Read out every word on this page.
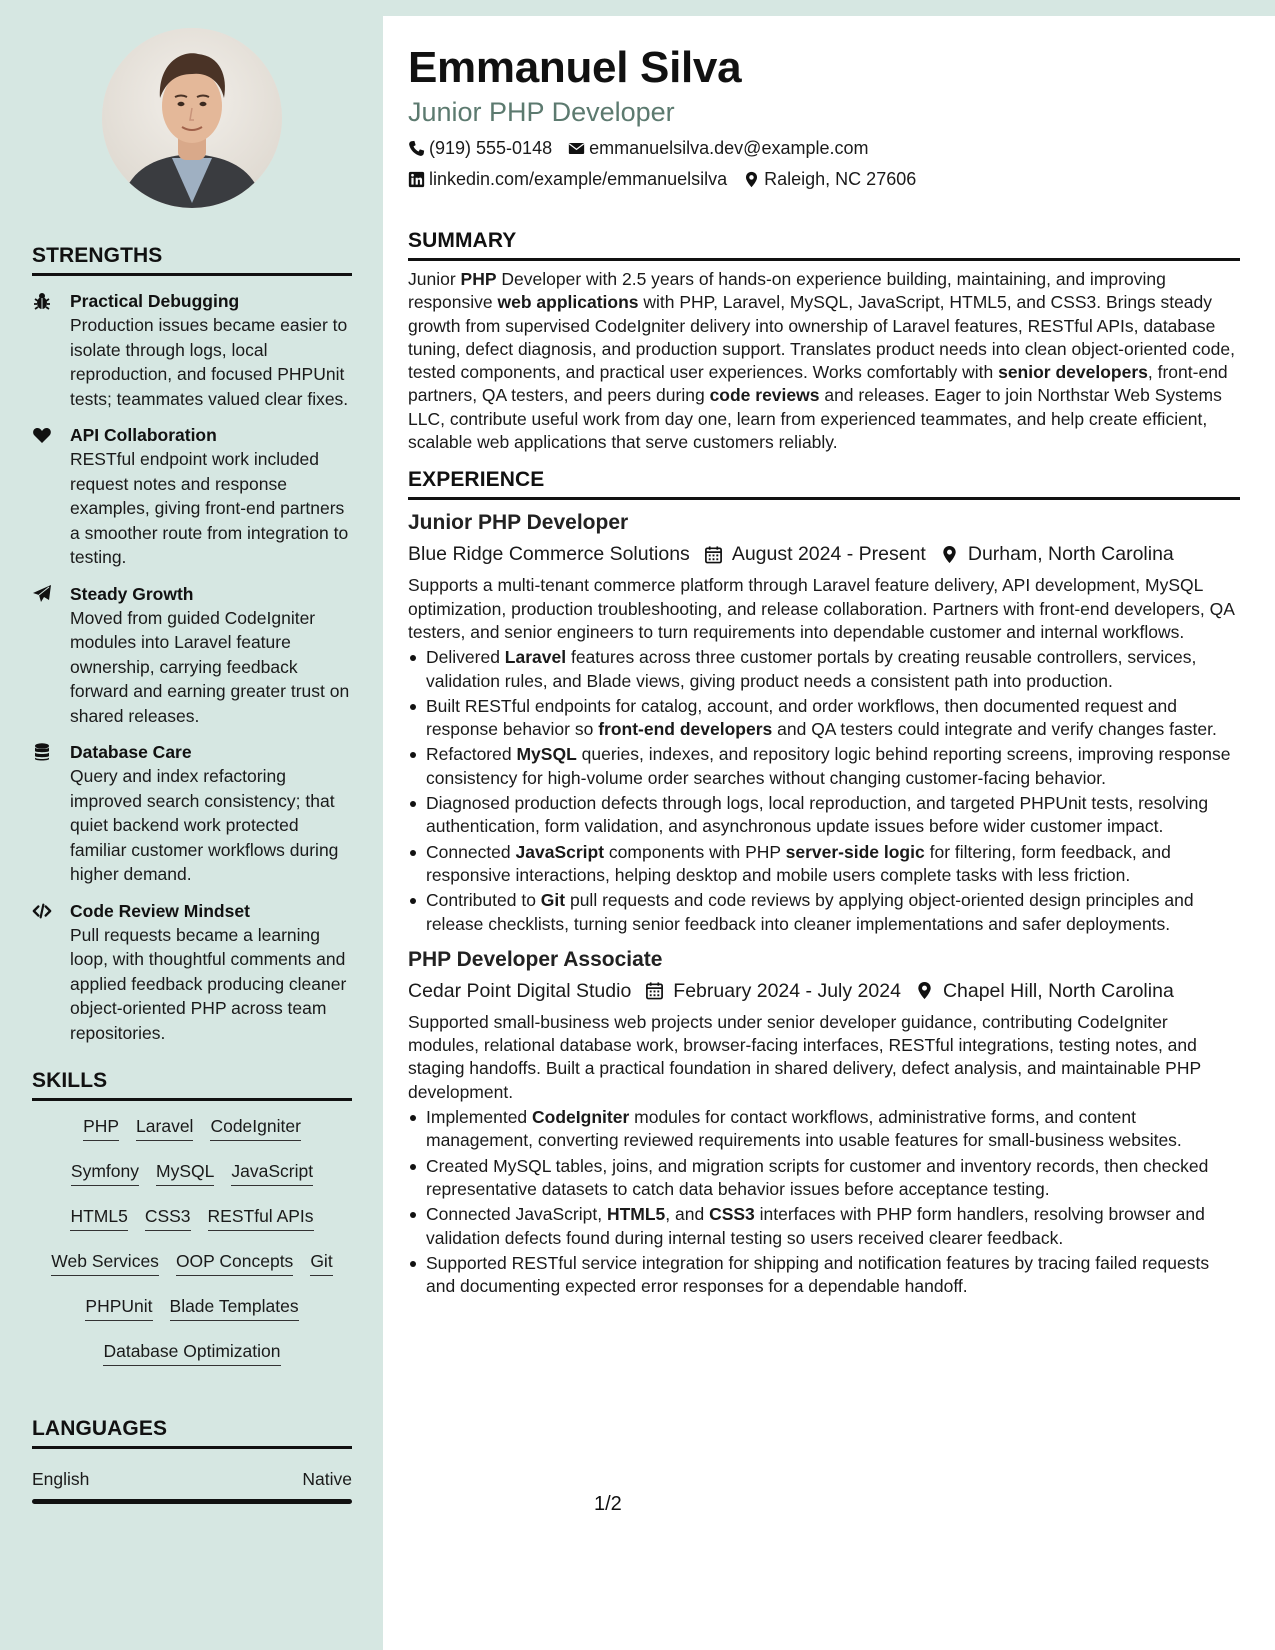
STRENGTHS
Practical Debugging
Production issues became easier to isolate through logs, local reproduction, and focused PHPUnit tests; teammates valued clear fixes.
API Collaboration
RESTful endpoint work included request notes and response examples, giving front-end partners a smoother route from integration to testing.
Steady Growth
Moved from guided CodeIgniter modules into Laravel feature ownership, carrying feedback forward and earning greater trust on shared releases.
Database Care
Query and index refactoring improved search consistency; that quiet backend work protected familiar customer workflows during higher demand.
Code Review Mindset
Pull requests became a learning loop, with thoughtful comments and applied feedback producing cleaner object-oriented PHP across team repositories.
SKILLS
PHP Laravel CodeIgniter
Symfony MySQL JavaScript
HTML5 CSS3 RESTful APIs
Web Services OOP Concepts Git
PHPUnit Blade Templates
Database Optimization
LANGUAGES
English	Native
Emmanuel Silva
Junior PHP Developer
(919) 555-0148 emmanuelsilva.dev@example.com
linkedin.com/example/emmanuelsilva Raleigh, NC 27606
SUMMARY

Junior PHP Developer with 2.5 years of hands-on experience building, maintaining, and improving responsive web applications with PHP, Laravel, MySQL, JavaScript, HTML5, and CSS3. Brings steady growth from supervised CodeIgniter delivery into ownership of Laravel features, RESTful APIs, database tuning, defect diagnosis, and production support. Translates product needs into clean object-oriented code, tested components, and practical user experiences. Works comfortably with senior developers, front-end partners, QA testers, and peers during code reviews and releases. Eager to join Northstar Web Systems LLC, contribute useful work from day one, learn from experienced teammates, and help create efficient, scalable web applications that serve customers reliably.

EXPERIENCE
Junior PHP Developer
Blue Ridge Commerce Solutions August 2024 - Present Durham, North Carolina

Supports a multi-tenant commerce platform through Laravel feature delivery, API development, MySQL optimization, production troubleshooting, and release collaboration. Partners with front-end developers, QA testers, and senior engineers to turn requirements into dependable customer and internal workflows.

Delivered Laravel features across three customer portals by creating reusable controllers, services, validation rules, and Blade views, giving product needs a consistent path into production.
Built RESTful endpoints for catalog, account, and order workflows, then documented request and response behavior so front-end developers and QA testers could integrate and verify changes faster.
Refactored MySQL queries, indexes, and repository logic behind reporting screens, improving response consistency for high-volume order searches without changing customer-facing behavior.
Diagnosed production defects through logs, local reproduction, and targeted PHPUnit tests, resolving authentication, form validation, and asynchronous update issues before wider customer impact.
Connected JavaScript components with PHP server-side logic for filtering, form feedback, and responsive interactions, helping desktop and mobile users complete tasks with less friction.
Contributed to Git pull requests and code reviews by applying object-oriented design principles and release checklists, turning senior feedback into cleaner implementations and safer deployments.
PHP Developer Associate
Cedar Point Digital Studio February 2024 - July 2024 Chapel Hill, North Carolina

Supported small-business web projects under senior developer guidance, contributing CodeIgniter modules, relational database work, browser-facing interfaces, RESTful integrations, testing notes, and staging handoffs. Built a practical foundation in shared delivery, defect analysis, and maintainable PHP development.

Implemented CodeIgniter modules for contact workflows, administrative forms, and content management, converting reviewed requirements into usable features for small-business websites.
Created MySQL tables, joins, and migration scripts for customer and inventory records, then checked representative datasets to catch data behavior issues before acceptance testing.
Connected JavaScript, HTML5, and CSS3 interfaces with PHP form handlers, resolving browser and validation defects found during internal testing so users received clearer feedback.
Supported RESTful service integration for shipping and notification features by tracing failed requests and documenting expected error responses for a dependable handoff.
1/2
